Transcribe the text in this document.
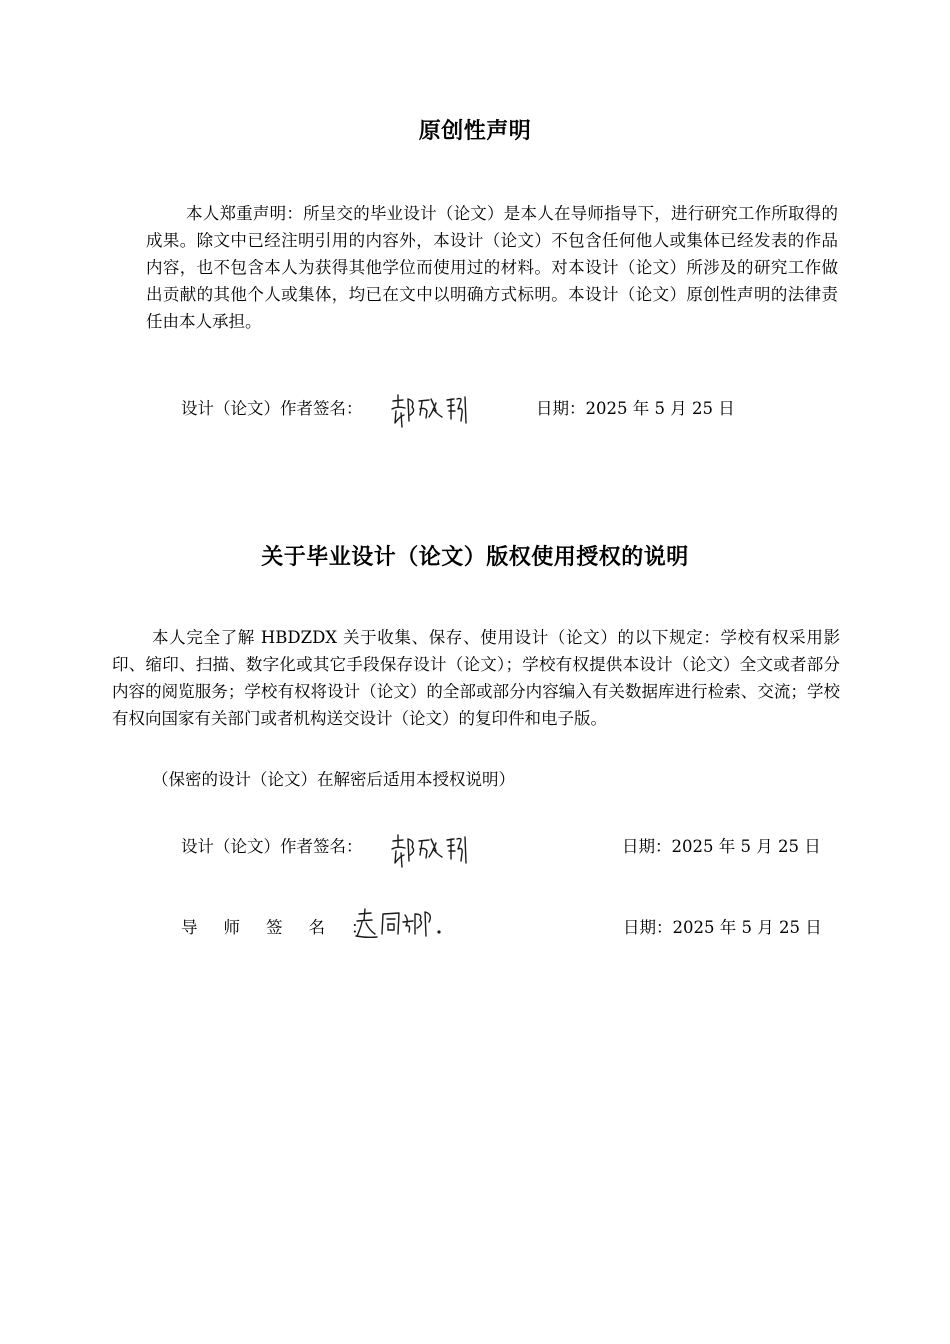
原创性声明

本人郑重声明：所呈交的毕业设计（论文）是本人在导师指导下，进行研究工作所取得的成果。除文中已经注明引用的内容外，本设计（论文）不包含任何他人或集体已经发表的作品内容，也不包含本人为获得其他学位而使用过的材料。对本设计（论文）所涉及的研究工作做出贡献的其他个人或集体，均已在文中以明确方式标明。本设计（论文）原创性声明的法律责任由本人承担。

设计（论文）作者签名：	日期：2025 年 5 月 25 日
关于毕业设计（论文）版权使用授权的说明

本人完全了解 HBDZDX 关于收集、保存、使用设计（论文）的以下规定：学校有权采用影印、缩印、扫描、数字化或其它手段保存设计（论文）；学校有权提供本设计（论文）全文或者部分内容的阅览服务；学校有权将设计（论文）的全部或部分内容编入有关数据库进行检索、交流；学校有权向国家有关部门或者机构送交设计（论文）的复印件和电子版。

（保密的设计（论文）在解密后适用本授权说明）

设计（论文）作者签名：	日期：2025 年 5 月 25 日
导师签名：	日期：2025 年 5 月 25 日
